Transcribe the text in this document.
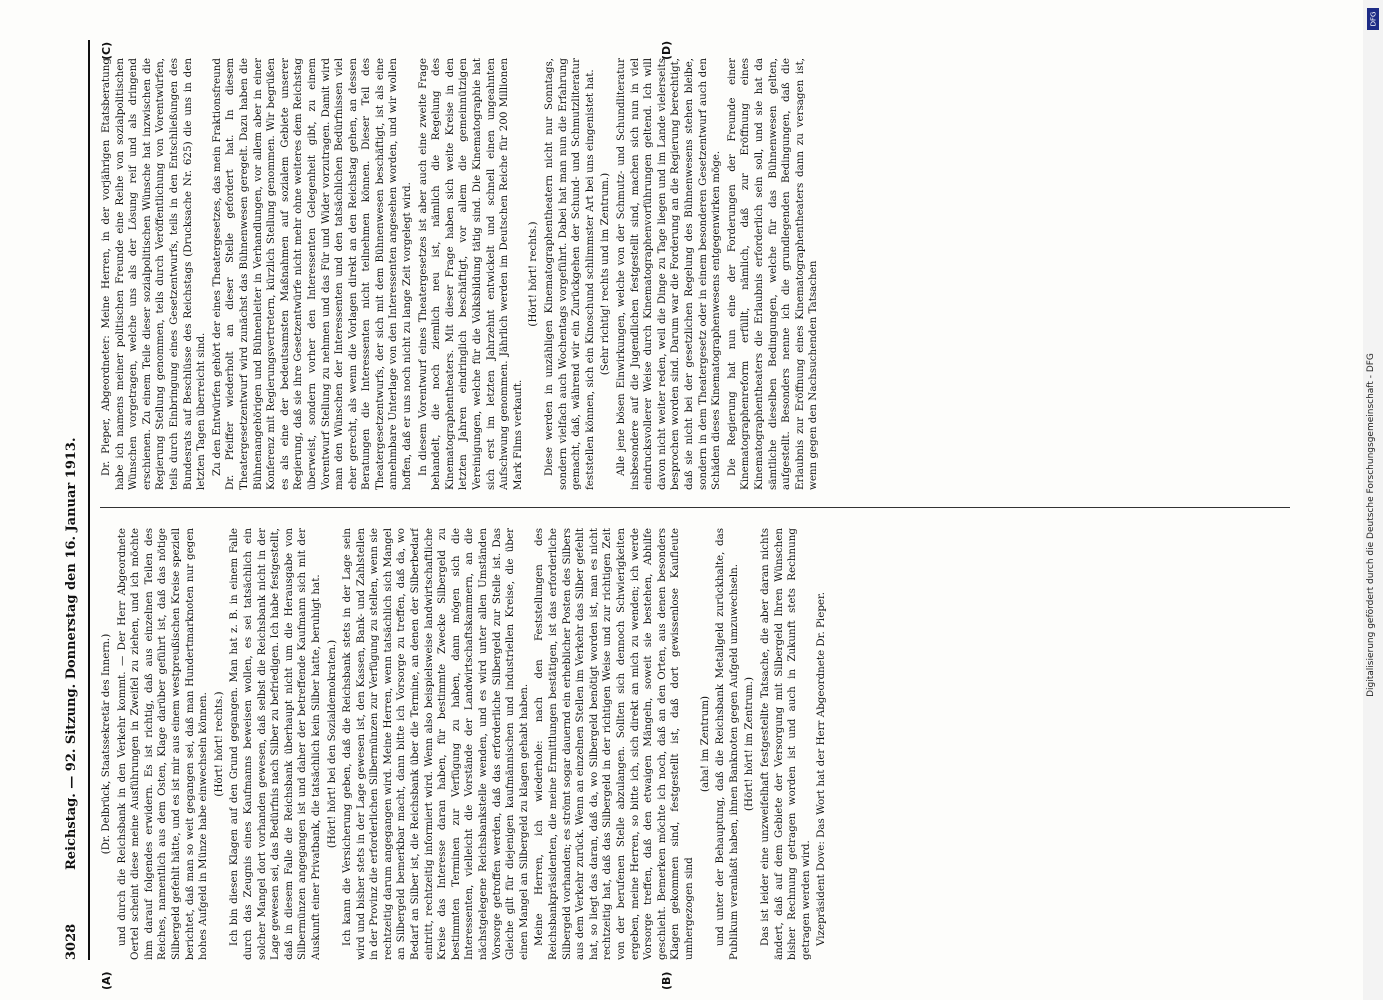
3028
Reichstag. — 92. Sitzung. Donnerstag den 16. Januar 1913.
(A)	(B)
(C)	(D)

(Dr. Delbrück, Staatssekretär des Innern.) und durch die Reichsbank in den Verkehr kommt. — Der Herr Abgeordnete Oertel scheint diese meine Ausführungen in Zweifel zu ziehen, und ich möchte ihm darauf folgendes erwidern. Es ist richtig, daß aus einzelnen Teilen des Reiches, namentlich aus dem Osten, Klage darüber geführt ist, daß das nötige Silbergeld gefehlt hätte, und es ist mir aus einem westpreußischen Kreise speziell berichtet, daß man so weit gegangen sei, daß man Hundertmarknoten nur gegen hohes Aufgeld in Münze habe einwechseln können. (Hört! hört! rechts.) Ich bin diesen Klagen auf den Grund gegangen. Man hat z. B. in einem Falle durch das Zeugnis eines Kaufmanns beweisen wollen, es sei tatsächlich ein solcher Mangel dort vorhanden gewesen, daß selbst die Reichsbank nicht in der Lage gewesen sei, das Bedürfnis nach Silber zu befriedigen. Ich habe festgestellt, daß in diesem Falle die Reichsbank überhaupt nicht um die Herausgabe von Silbermünzen angegangen ist und daher der betreffende Kaufmann sich mit der Auskunft einer Privatbank, die tatsächlich kein Silber hatte, beruhigt hat. (Hört! hört! bei den Sozialdemokraten.) Ich kann die Versicherung geben, daß die Reichsbank stets in der Lage sein wird und bisher stets in der Lage gewesen ist, den Kassen, Bank- und Zahlstellen in der Provinz die erforderlichen Silbermünzen zur Verfügung zu stellen, wenn sie rechtzeitig darum angegangen wird. Meine Herren, wenn tatsächlich sich Mangel an Silbergeld bemerkbar macht, dann bitte ich Vorsorge zu treffen, daß da, wo Bedarf an Silber ist, die Reichsbank über die Termine, an denen der Silberbedarf eintritt, rechtzeitig informiert wird. Wenn also beispielsweise landwirtschaftliche Kreise das Interesse daran haben, für bestimmte Zwecke Silbergeld zu bestimmten Terminen zur Verfügung zu haben, dann mögen sich die Interessenten, vielleicht die Vorstände der Landwirtschaftskammern, an die nächstgelegene Reichsbankstelle wenden, und es wird unter allen Umständen Vorsorge getroffen werden, daß das erforderliche Silbergeld zur Stelle ist. Das Gleiche gilt für diejenigen kaufmännischen und industriellen Kreise, die über einen Mangel an Silbergeld zu klagen gehabt haben. Meine Herren, ich wiederhole: nach den Feststellungen des Reichsbankpräsidenten, die meine Ermittlungen bestätigen, ist das erforderliche Silbergeld vorhanden; es strömt sogar dauernd ein erheblicher Posten des Silbers aus dem Verkehr zurück. Wenn an einzelnen Stellen im Verkehr das Silber gefehlt hat, so liegt das daran, daß da, wo Silbergeld benötigt worden ist, man es nicht rechtzeitig hat, daß das Silbergeld in der richtigen Weise und zur richtigen Zeit von der berufenen Stelle abzulangen. Sollten sich dennoch Schwierigkeiten ergeben, meine Herren, so bitte ich, sich direkt an mich zu wenden; ich werde Vorsorge treffen, daß den etwaigen Mängeln, soweit sie bestehen, Abhilfe geschieht. Bemerken möchte ich noch, daß an den Orten, aus denen besonders Klagen gekommen sind, festgestellt ist, daß dort gewissenlose Kaufleute umhergezogen sind

(aha! im Zentrum) und unter der Behauptung, daß die Reichsbank Metallgeld zurückhalte, das Publikum veranlaßt haben, ihnen Banknoten gegen Aufgeld umzuwechseln. (Hört! hört! im Zentrum.) Das ist leider eine unzweifelhaft festgestellte Tatsache, die aber daran nichts ändert, daß auf dem Gebiete der Versorgung mit Silbergeld Ihren Wünschen bisher Rechnung getragen worden ist und auch in Zukunft stets Rechnung getragen werden wird. Vizepräsident Dove: Das Wort hat der Herr Abgeordnete Dr. Pieper.

Dr. Pieper, Abgeordneter: Meine Herren, in der vorjährigen Etatsberatung habe ich namens meiner politischen Freunde eine Reihe von sozialpolitischen Wünschen vorgetragen, welche uns als der Lösung reif und als dringend erschienen. Zu einem Teile dieser sozialpolitischen Wünsche hat inzwischen die Regierung Stellung genommen, teils durch Veröffentlichung von Vorentwürfen, teils durch Einbringung eines Gesetzentwurfs, teils in den Entschließungen des Bundesrats auf Beschlüsse des Reichstags (Drucksache Nr. 625) die uns in den letzten Tagen überreicht sind. Zu den Entwürfen gehört der eines Theatergesetzes, das mein Fraktionsfreund Dr. Pfeiffer wiederholt an dieser Stelle gefordert hat. In diesem Theatergesetzentwurf wird zunächst das Bühnenwesen geregelt. Dazu haben die Bühnenangehörigen und Bühnenleiter in Verhandlungen, vor allem aber in einer Konferenz mit Regierungsvertretern, kürzlich Stellung genommen. Wir begrüßen es als eine der bedeutsamsten Maßnahmen auf sozialem Gebiete unserer Regierung, daß sie ihre Gesetzentwürfe nicht mehr ohne weiteres dem Reichstag überweist, sondern vorher den Interessenten Gelegenheit gibt, zu einem Vorentwurf Stellung zu nehmen und das Für und Wider vorzutragen. Damit wird man den Wünschen der Interessenten und den tatsächlichen Bedürfnissen viel eher gerecht, als wenn die Vorlagen direkt an den Reichstag gehen, an dessen Beratungen die Interessenten nicht teilnehmen können. Dieser Teil des Theatergesetzentwurfs, der sich mit dem Bühnenwesen beschäftigt, ist als eine annehmbare Unterlage von den Interessenten angesehen worden, und wir wollen hoffen, daß er uns noch nicht zu lange Zeit vorgelegt wird. In diesem Vorentwurf eines Theatergesetzes ist aber auch eine zweite Frage behandelt, die noch ziemlich neu ist, nämlich die Regelung des Kinematographentheaters. Mit dieser Frage haben sich weite Kreise in den letzten Jahren eindringlich beschäftigt, vor allem die gemeinnützigen Vereinigungen, welche für die Volksbildung tätig sind. Die Kinematographie hat sich erst im letzten Jahrzehnt entwickelt und schnell einen ungeahnten Aufschwung genommen. Jährlich werden im Deutschen Reiche für 200 Millionen Mark Films verkauft.

(Hört! hört! rechts.) Diese werden in unzähligen Kinematographentheatern nicht nur Sonntags, sondern vielfach auch Wochentags vorgeführt. Dabei hat man nun die Erfahrung gemacht, daß, während wir ein Zurückgehen der Schund- und Schmutzliteratur feststellen können, sich ein Kinoschund schlimmster Art bei uns eingenistet hat. (Sehr richtig! rechts und im Zentrum.) Alle jene bösen Einwirkungen, welche von der Schmutz- und Schundliteratur insbesondere auf die Jugendlichen festgestellt sind, machen sich nun in viel eindrucksvollerer Weise durch Kinematographenvorführungen geltend. Ich will davon nicht weiter reden, weil die Dinge zu Tage liegen und im Lande vielerseits besprochen worden sind. Darum war die Forderung an die Regierung berechtigt, daß sie nicht bei der gesetzlichen Regelung des Bühnenwesens stehen bleibe, sondern in dem Theatergesetz oder in einem besonderen Gesetzentwurf auch den Schäden dieses Kinematographenwesens entgegenwirken möge. Die Regierung hat nun eine der Forderungen der Freunde einer Kinematographenreform erfüllt, nämlich, daß zur Eröffnung eines Kinematographentheaters die Erlaubnis erforderlich sein soll, und sie hat da sämtliche dieselben Bedingungen, welche für das Bühnenwesen gelten, aufgestellt. Besonders nenne ich die grundlegenden Bedingungen, daß die Erlaubnis zur Eröffnung eines Kinematographentheaters dann zu versagen ist, wenn gegen den Nachsuchenden Tatsachen

DFG
Digitalisierung gefördert durch die Deutsche Forschungsgemeinschaft - DFG
